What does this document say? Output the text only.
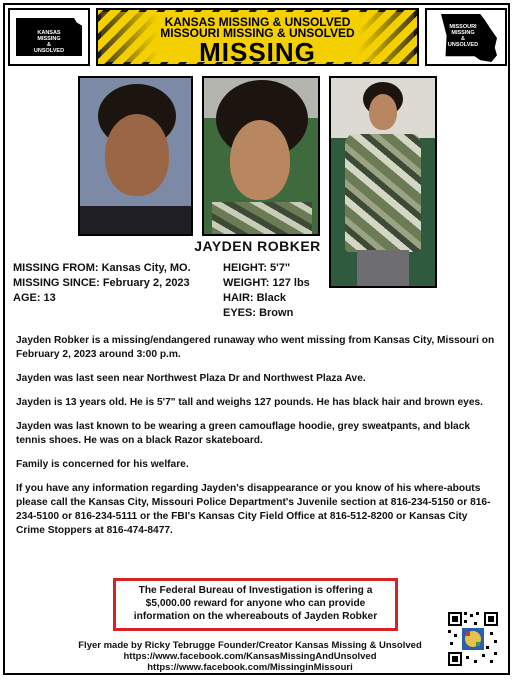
KANSAS
MISSING
&
UNSOLVED
KANSAS MISSING & UNSOLVED
MISSOURI MISSING & UNSOLVED
MISSING
MISSOURI
MISSING
&
UNSOLVED
JAYDEN ROBKER
MISSING FROM: Kansas City, MO.
MISSING SINCE: February 2, 2023
AGE: 13
HEIGHT: 5'7"
WEIGHT: 127 lbs
HAIR: Black
EYES: Brown

Jayden Robker is a missing/endangered runaway who went missing from Kansas City, Missouri on February 2, 2023 around 3:00 p.m.

Jayden was last seen near Northwest Plaza Dr and Northwest Plaza Ave.

Jayden is 13 years old. He is 5'7" tall and weighs 127 pounds. He has black hair and brown eyes.

Jayden was last known to be wearing a green camouflage hoodie, grey sweatpants, and black tennis shoes. He was on a black Razor skateboard.

Family is concerned for his welfare.

If you have any information regarding Jayden's disappearance or you know of his where-abouts please call the Kansas City, Missouri Police Department's Juvenile section at 816-234-5150 or 816-234-5100 or 816-234-5111 or the FBI's Kansas City Field Office at 816-512-8200 or Kansas City Crime Stoppers at 816-474-8477.

The Federal Bureau of Investigation is offering a
$5,000.00 reward for anyone who can provide
information on the whereabouts of Jayden Robker
Flyer made by Ricky Tebrugge Founder/Creator Kansas Missing & Unsolved
https://www.facebook.com/KansasMissingAndUnsolved
https://www.facebook.com/MissinginMissouri
